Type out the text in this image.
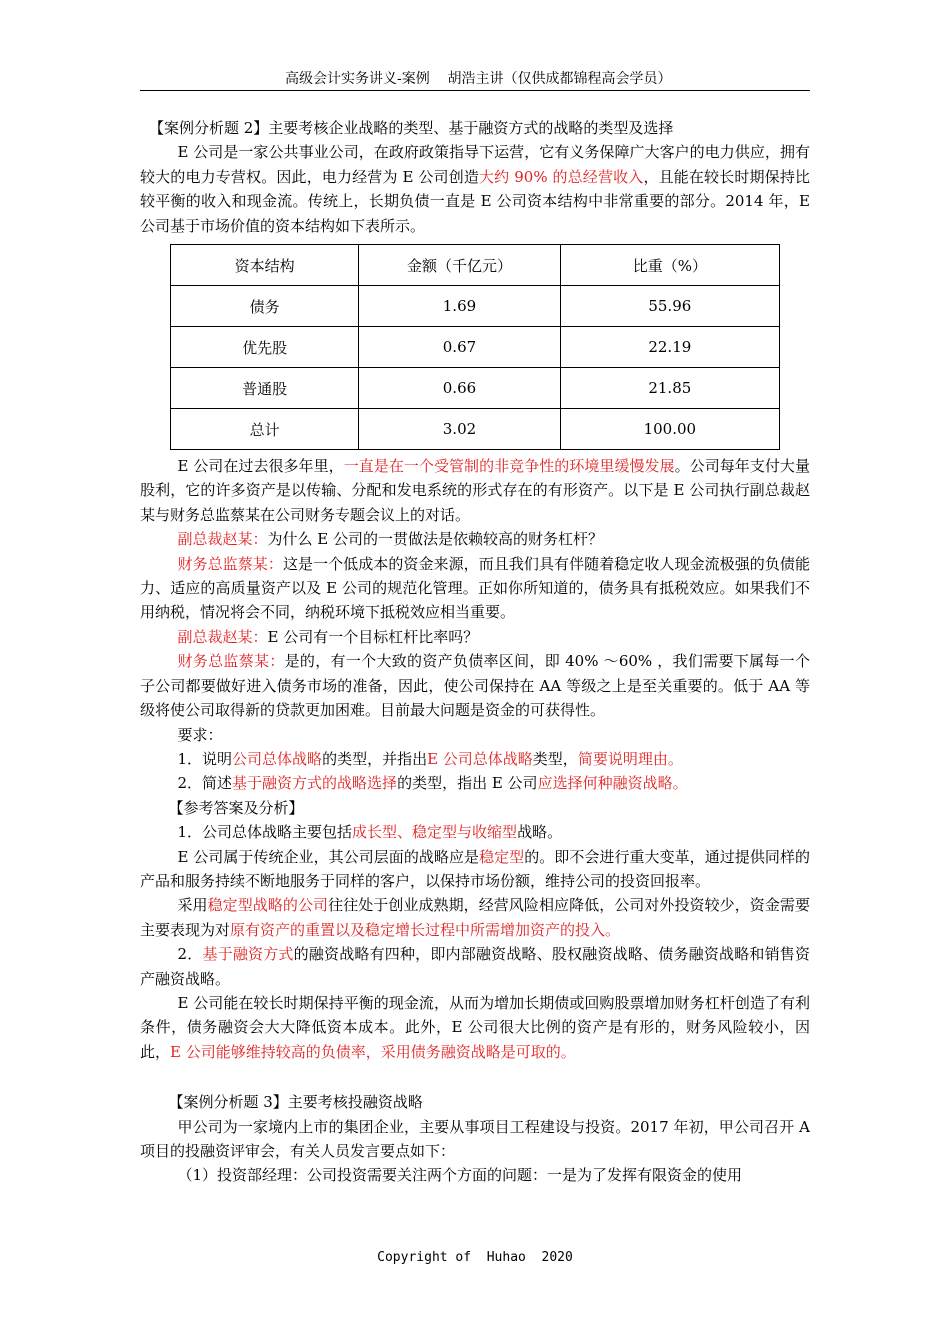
高级会计实务讲义-案例    胡浩主讲（仅供成都锦程高会学员）

【案例分析题 2】主要考核企业战略的类型、基于融资方式的战略的类型及选择

E 公司是一家公共事业公司，在政府政策指导下运营，它有义务保障广大客户的电力供应，拥有较大的电力专营权。因此，电力经营为 E 公司创造大约 90% 的总经营收入，且能在较长时期保持比较平衡的收入和现金流。传统上，长期负债一直是 E 公司资本结构中非常重要的部分。2014 年，E 公司基于市场价值的资本结构如下表所示。

资本结构	金额（千亿元）	比重（%）
债务	1.69	55.96
优先股	0.67	22.19
普通股	0.66	21.85
总计	3.02	100.00

E 公司在过去很多年里，一直是在一个受管制的非竞争性的环境里缓慢发展。公司每年支付大量股利，它的许多资产是以传输、分配和发电系统的形式存在的有形资产。以下是 E 公司执行副总裁赵某与财务总监蔡某在公司财务专题会议上的对话。

副总裁赵某：为什么 E 公司的一贯做法是依赖较高的财务杠杆？

财务总监蔡某：这是一个低成本的资金来源，而且我们具有伴随着稳定收人现金流极强的负债能力、适应的高质量资产以及 E 公司的规范化管理。正如你所知道的，债务具有抵税效应。如果我们不用纳税，情况将会不同，纳税环境下抵税效应相当重要。

副总裁赵某：E 公司有一个目标杠杆比率吗？

财务总监蔡某：是的，有一个大致的资产负债率区间，即 40% ～60% ，我们需要下属每一个子公司都要做好进入债务市场的准备，因此，使公司保持在 AA 等级之上是至关重要的。低于 AA 等级将使公司取得新的贷款更加困难。目前最大问题是资金的可获得性。

要求：

1．说明公司总体战略的类型，并指出E 公司总体战略类型，简要说明理由。

2．简述基于融资方式的战略选择的类型，指出 E 公司应选择何种融资战略。

【参考答案及分析】

1．公司总体战略主要包括成长型、稳定型与收缩型战略。

E 公司属于传统企业，其公司层面的战略应是稳定型的。即不会进行重大变革，通过提供同样的产品和服务持续不断地服务于同样的客户，以保持市场份额，维持公司的投资回报率。

采用稳定型战略的公司往往处于创业成熟期，经营风险相应降低，公司对外投资较少，资金需要主要表现为对原有资产的重置以及稳定增长过程中所需增加资产的投入。

2．基于融资方式的融资战略有四种，即内部融资战略、股权融资战略、债务融资战略和销售资产融资战略。

E 公司能在较长时期保持平衡的现金流，从而为增加长期债或回购股票增加财务杠杆创造了有利条件，债务融资会大大降低资本成本。此外，E 公司很大比例的资产是有形的，财务风险较小，因此，E 公司能够维持较高的负债率，采用债务融资战略是可取的。

【案例分析题 3】主要考核投融资战略

甲公司为一家境内上市的集团企业，主要从事项目工程建设与投资。2017 年初，甲公司召开 A 项目的投融资评审会，有关人员发言要点如下：

（1）投资部经理：公司投资需要关注两个方面的问题：一是为了发挥有限资金的使用

Copyright of  Huhao  2020
